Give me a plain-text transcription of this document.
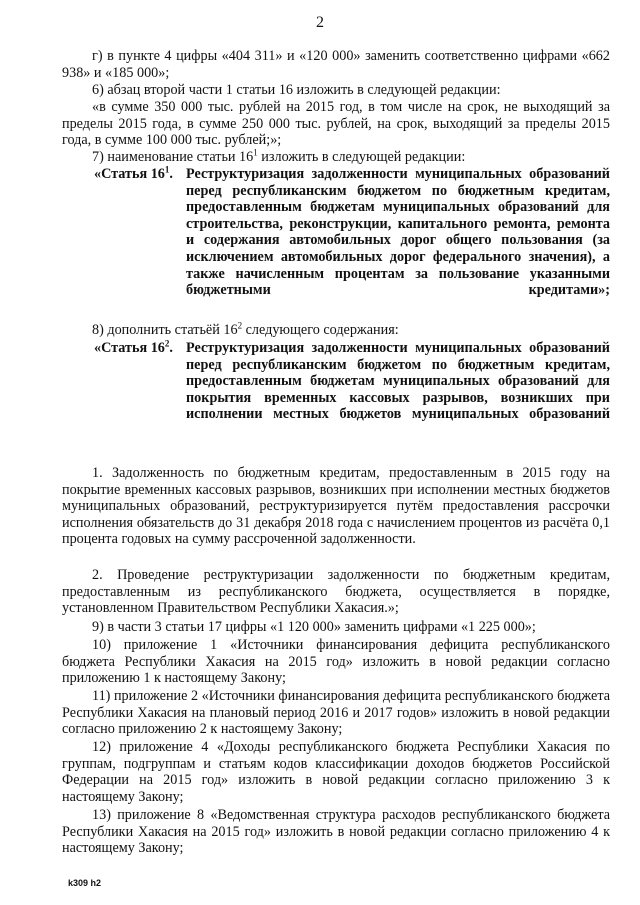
2

г) в пункте 4 цифры «404 311» и «120 000» заменить соответственно цифрами «662 938» и «185 000»;

6) абзац второй части 1 статьи 16 изложить в следующей редакции:

«в сумме 350 000 тыс. рублей на 2015 год, в том числе на срок, не выходящий за пределы 2015 года, в сумме 250 000 тыс. рублей, на срок, выходящий за пределы 2015 года, в сумме 100 000 тыс. рублей;»;

7) наименование статьи $16^1$ изложить в следующей редакции:

«Статья $16^1$. Реструктуризация задолженности муниципальных образований перед республиканским бюджетом по бюджетным кредитам, предоставленным бюджетам муниципальных образований для строительства, реконструкции, капитального ремонта, ремонта и содержания автомобильных дорог общего пользования (за исключением автомобильных дорог федерального значения), а также начисленным процентам за пользование указанными бюджетными кредитами»;

8) дополнить статьёй $16^2$ следующего содержания:

«Статья $16^2$. Реструктуризация задолженности муниципальных образований перед республиканским бюджетом по бюджетным кредитам, предоставленным бюджетам муниципальных образований для покрытия временных кассовых разрывов, возникших при исполнении местных бюджетов муниципальных образований

1. Задолженность по бюджетным кредитам, предоставленным в 2015 году на покрытие временных кассовых разрывов, возникших при исполнении местных бюджетов муниципальных образований, реструктуризируется путём предоставления рассрочки исполнения обязательств до 31 декабря 2018 года с начислением процентов из расчёта 0,1 процента годовых на сумму рассроченной задолженности.

2. Проведение реструктуризации задолженности по бюджетным кредитам, предоставленным из республиканского бюджета, осуществляется в порядке, установленном Правительством Республики Хакасия.»;

9) в части 3 статьи 17 цифры «1 120 000» заменить цифрами «1 225 000»;

10) приложение 1 «Источники финансирования дефицита республиканского бюджета Республики Хакасия на 2015 год» изложить в новой редакции согласно приложению 1 к настоящему Закону;

11) приложение 2 «Источники финансирования дефицита республиканского бюджета Республики Хакасия на плановый период 2016 и 2017 годов» изложить в новой редакции согласно приложению 2 к настоящему Закону;

12) приложение 4 «Доходы республиканского бюджета Республики Хакасия по группам, подгруппам и статьям кодов классификации доходов бюджетов Российской Федерации на 2015 год» изложить в новой редакции согласно приложению 3 к настоящему Закону;

13) приложение 8 «Ведомственная структура расходов республиканского бюджета Республики Хакасия на 2015 год» изложить в новой редакции согласно приложению 4 к настоящему Закону;

k309 h2
